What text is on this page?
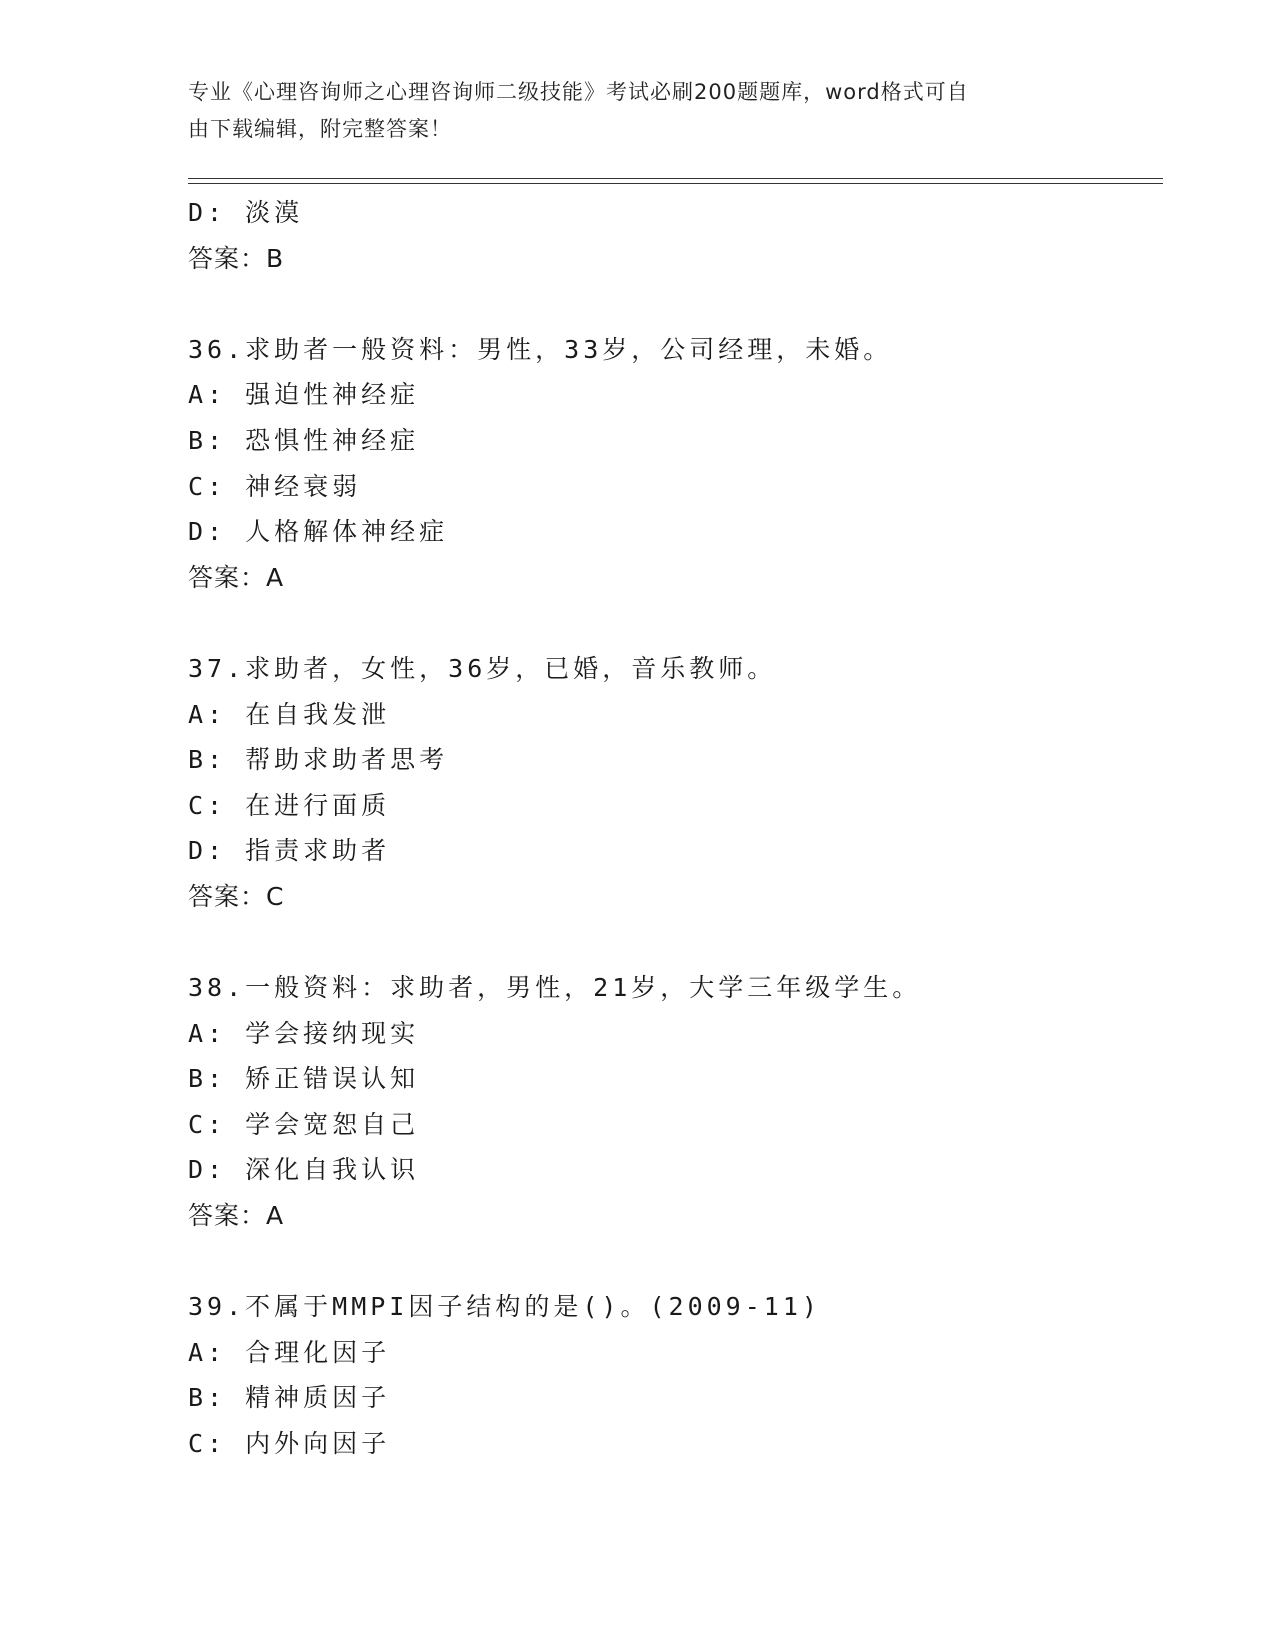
专业《心理咨询师之心理咨询师二级技能》考试必刷200题题库，word格式可自
由下载编辑，附完整答案！
D: 淡漠
答案：B
36.求助者一般资料：男性，33岁，公司经理，未婚。
A: 强迫性神经症
B: 恐惧性神经症
C: 神经衰弱
D: 人格解体神经症
答案：A
37.求助者，女性，36岁，已婚，音乐教师。
A: 在自我发泄
B: 帮助求助者思考
C: 在进行面质
D: 指责求助者
答案：C
38.一般资料：求助者，男性，21岁，大学三年级学生。
A: 学会接纳现实
B: 矫正错误认知
C: 学会宽恕自己
D: 深化自我认识
答案：A
39.不属于MMPI因子结构的是()。(2009-11)
A: 合理化因子
B: 精神质因子
C: 内外向因子
